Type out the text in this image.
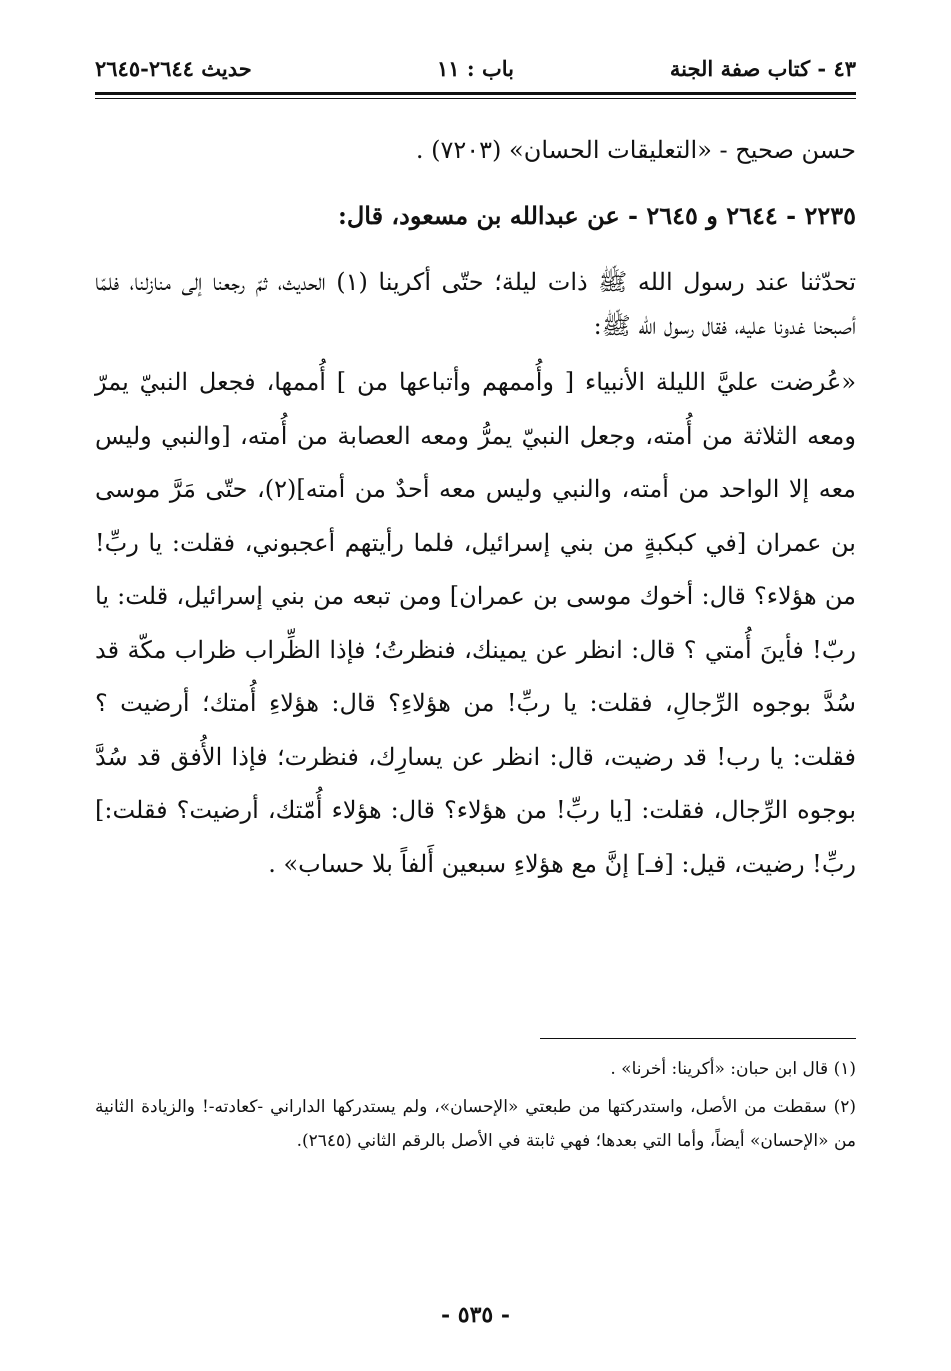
٤٣ - كتاب صفة الجنة
باب : ١١
حديث ٢٦٤٤-٢٦٤٥

حسن صحيح - «التعليقات الحسان» (٧٢٠٣) .

٢٢٣٥ - ٢٦٤٤ و ٢٦٤٥ - عن عبدالله بن مسعود، قال:

تحدّثنا عند رسول الله ﷺ ذات ليلة؛ حتّى أكرينا (١) الحديث، ثمّ رجعنا إلى منازلنا، فلمّا أصبحنا غدونا عليه، فقال رسول الله ﷺ:

«عُرضت عليَّ الليلة الأنبياء [ وأُممهم وأتباعها من ] أُممها، فجعل النبيّ يمرّ ومعه الثلاثة من أُمته، وجعل النبيّ يمرُّ ومعه العصابة من أُمته، [والنبي وليس معه إلا الواحد من أمته، والنبي وليس معه أحدٌ من أمته](٢)، حتّى مَرَّ موسى بن عمران [في كبكبةٍ من بني إسرائيل، فلما رأيتهم أعجبوني، فقلت: يا ربِّ! من هؤلاء؟ قال: أخوك موسى بن عمران] ومن تبعه من بني إسرائيل، قلت: يا ربّ! فأينَ أُمتي ؟ قال: انظر عن يمينك، فنظرتُ؛ فإذا الظِّراب ظراب مكّة قد سُدَّ بوجوه الرِّجالِ، فقلت: يا ربِّ! من هؤلاءِ؟ قال: هؤلاءِ أُمتك؛ أرضيت ؟ فقلت: يا رب! قد رضيت، قال: انظر عن يسارِك، فنظرت؛ فإذا الأُفق قد سُدَّ بوجوه الرِّجال، فقلت: [يا ربِّ! من هؤلاء؟ قال: هؤلاء أُمّتك، أرضيت؟ فقلت:] ربِّ! رضيت، قيل: [فـ] إنَّ مع هؤلاءِ سبعين أَلفاً بلا حساب» .

(١) قال ابن حبان: «أكرينا: أخرنا» .

(٢) سقطت من الأصل، واستدركتها من طبعتي «الإحسان»، ولم يستدركها الداراني -كعادته-! والزيادة الثانية من «الإحسان» أيضاً، وأما التي بعدها؛ فهي ثابتة في الأصل بالرقم الثاني (٢٦٤٥).

- ٥٣٥ -
